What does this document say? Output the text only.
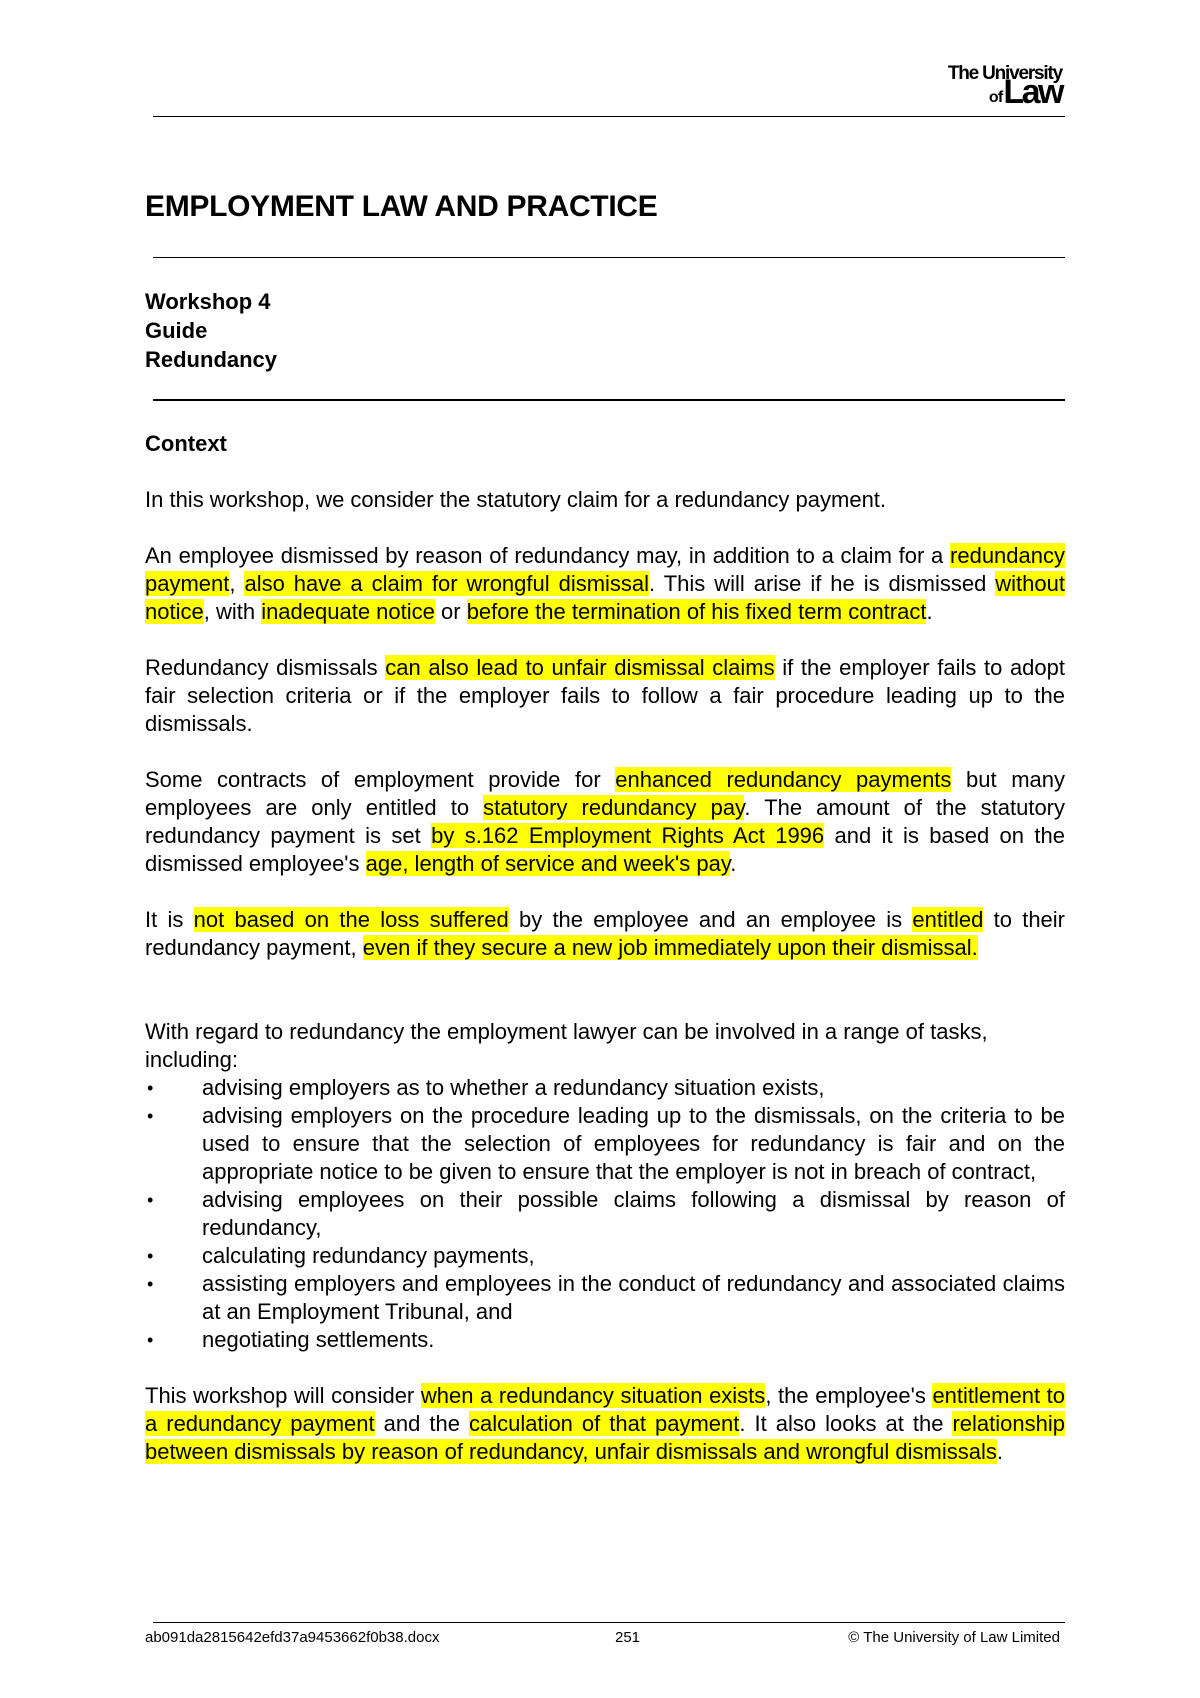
The University
of Law
EMPLOYMENT LAW AND PRACTICE
Workshop 4
Guide
Redundancy
Context

In this workshop, we consider the statutory claim for a redundancy payment.

An employee dismissed by reason of redundancy may, in addition to a claim for a redundancy payment, also have a claim for wrongful dismissal. This will arise if he is dismissed without notice, with inadequate notice or before the termination of his fixed term contract.

Redundancy dismissals can also lead to unfair dismissal claims if the employer fails to adopt fair selection criteria or if the employer fails to follow a fair procedure leading up to the dismissals.

Some contracts of employment provide for enhanced redundancy payments but many employees are only entitled to statutory redundancy pay. The amount of the statutory redundancy payment is set by s.162 Employment Rights Act 1996 and it is based on the dismissed employee's age, length of service and week's pay.

It is not based on the loss suffered by the employee and an employee is entitled to their redundancy payment, even if they secure a new job immediately upon their dismissal.

With regard to redundancy the employment lawyer can be involved in a range of tasks, including:

• advising employers as to whether a redundancy situation exists,
• advising employers on the procedure leading up to the dismissals, on the criteria to be used to ensure that the selection of employees for redundancy is fair and on the appropriate notice to be given to ensure that the employer is not in breach of contract,
• advising employees on their possible claims following a dismissal by reason of redundancy,
• calculating redundancy payments,
• assisting employers and employees in the conduct of redundancy and associated claims at an Employment Tribunal, and
• negotiating settlements.

This workshop will consider when a redundancy situation exists, the employee's entitlement to a redundancy payment and the calculation of that payment. It also looks at the relationship between dismissals by reason of redundancy, unfair dismissals and wrongful dismissals.

ab091da2815642efd37a9453662f0b38.docx	251	© The University of Law Limited
